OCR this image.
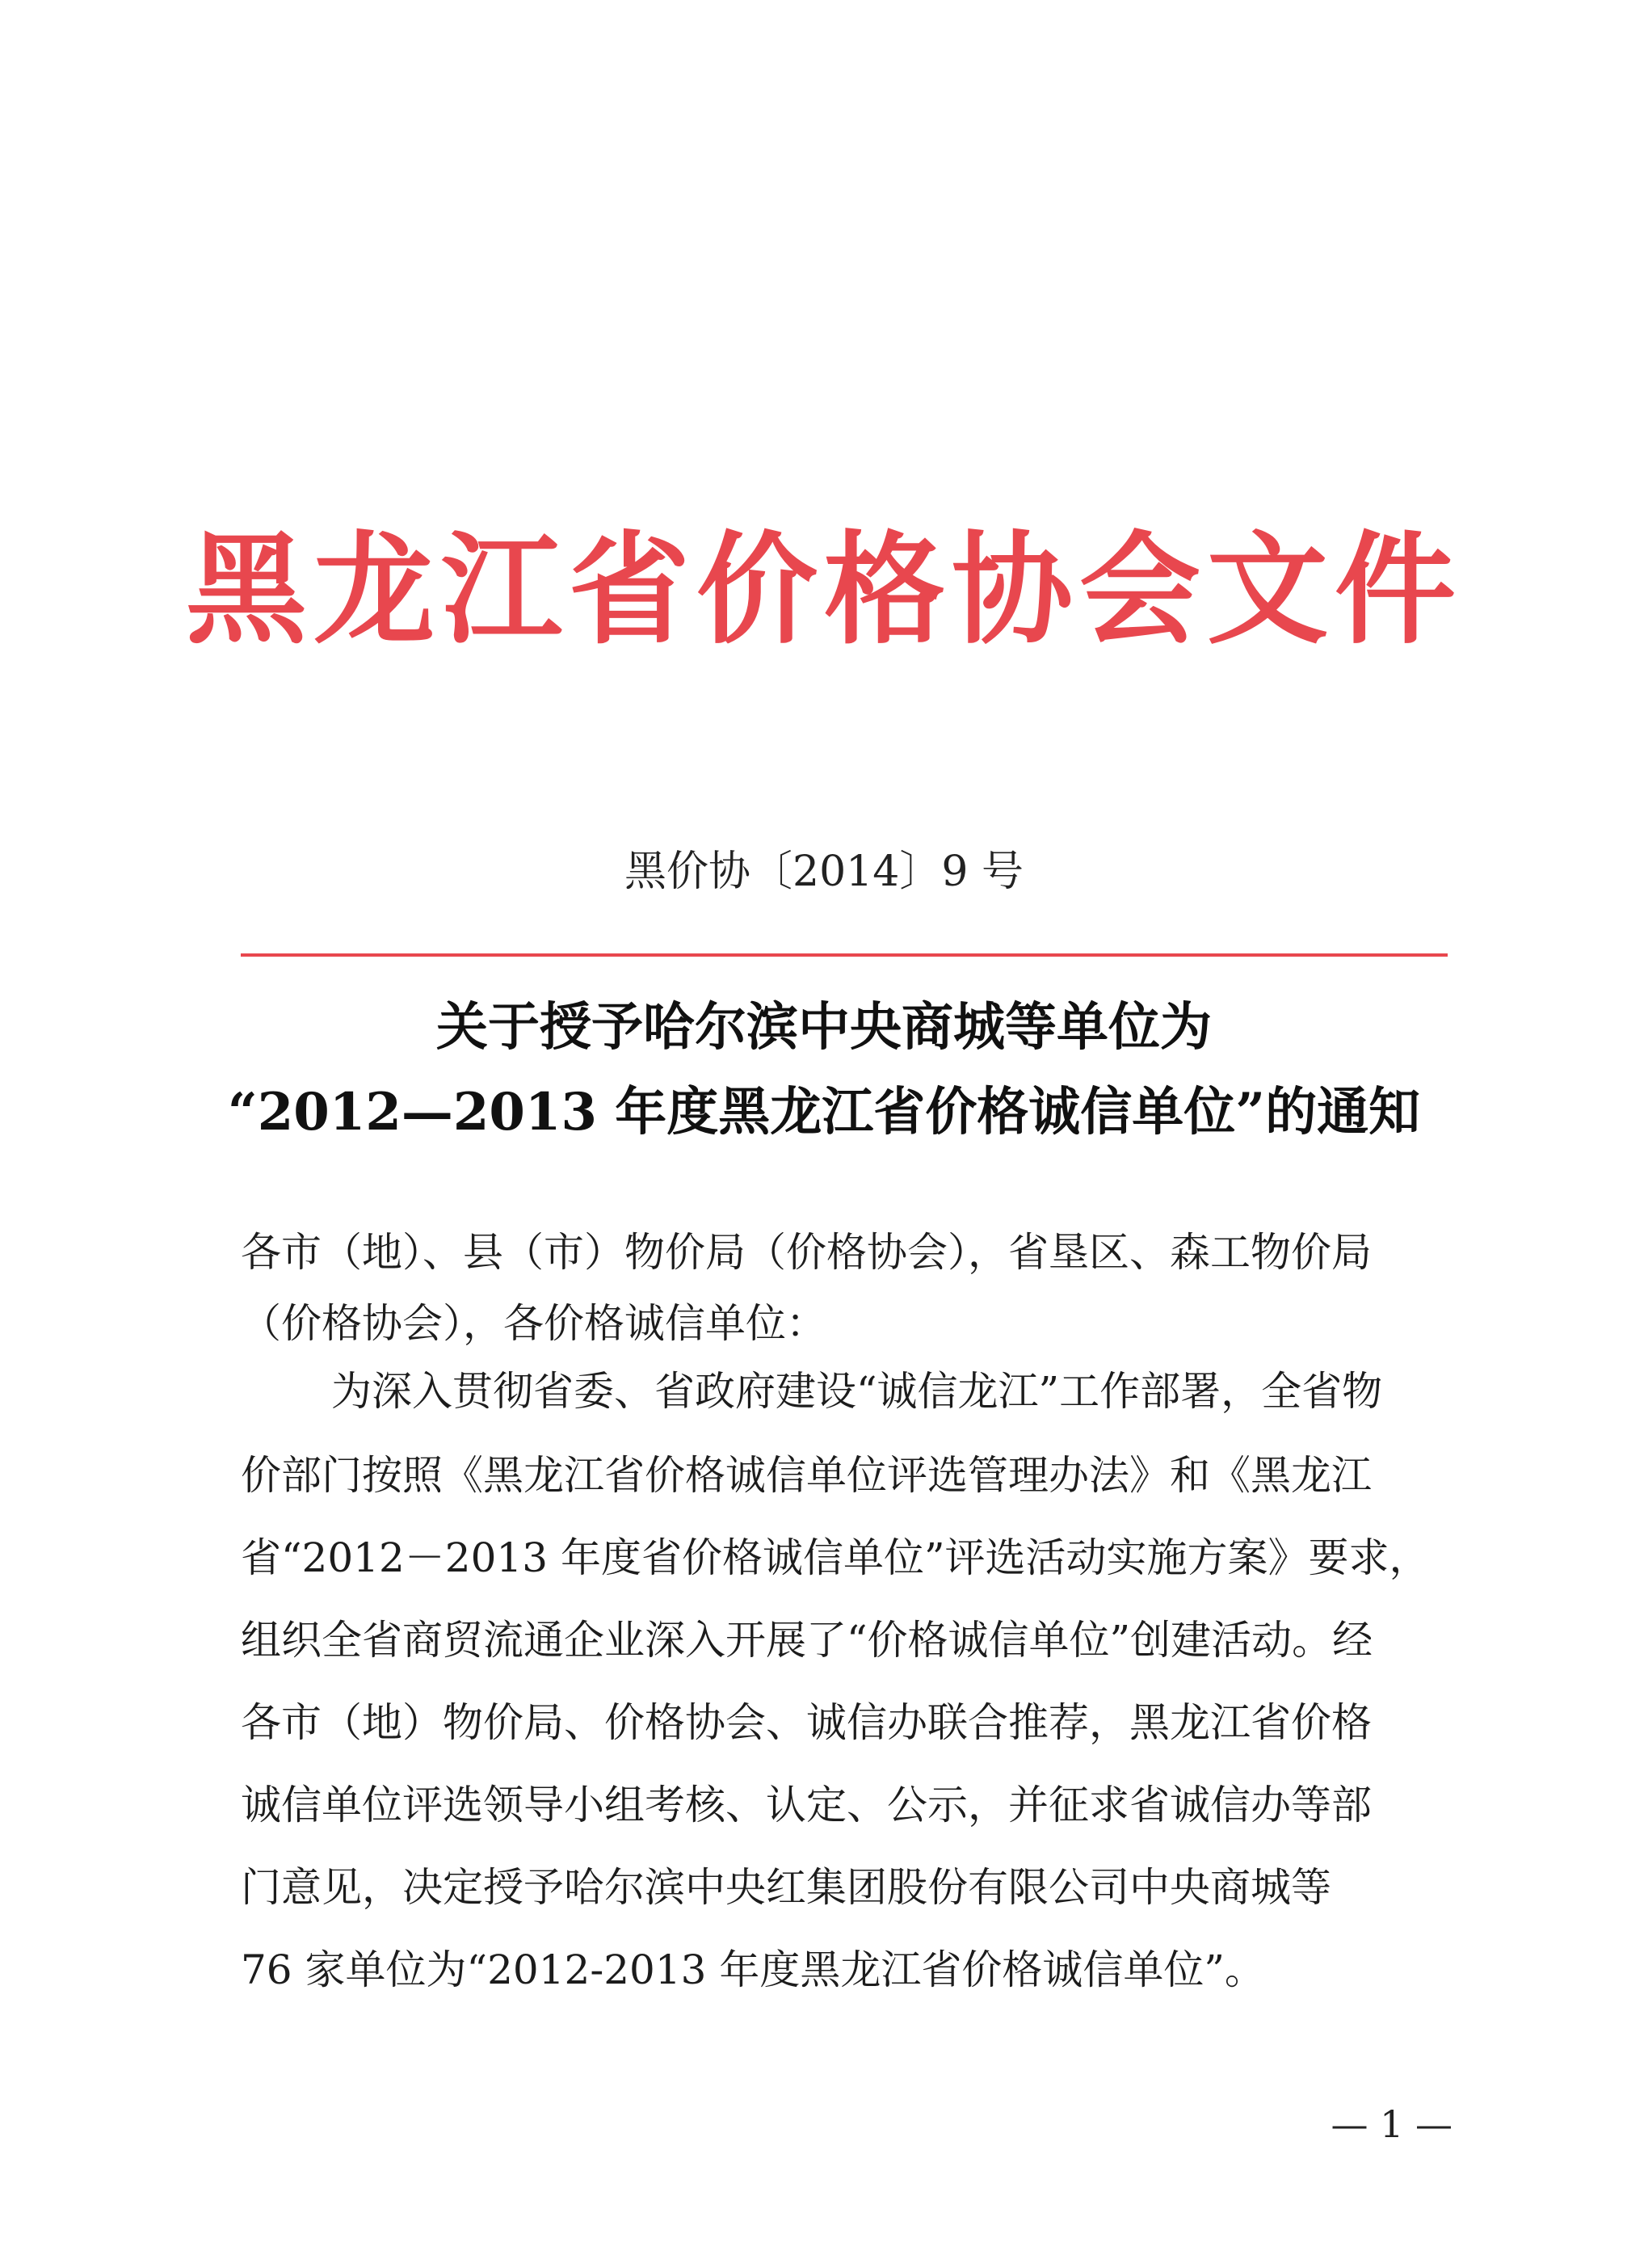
黑龙江省价格协会文件
黑价协〔2014〕9 号
关于授予哈尔滨中央商城等单位为
“2012—2013 年度黑龙江省价格诚信单位”的通知
各市（地）、县（市）物价局（价格协会），省垦区、森工物价局
（价格协会），各价格诚信单位：
为深入贯彻省委、省政府建设“诚信龙江”工作部署，全省物
价部门按照《黑龙江省价格诚信单位评选管理办法》和《黑龙江
省“2012－2013 年度省价格诚信单位”评选活动实施方案》要求，
组织全省商贸流通企业深入开展了“价格诚信单位”创建活动。经
各市（地）物价局、价格协会、诚信办联合推荐，黑龙江省价格
诚信单位评选领导小组考核、认定、公示，并征求省诚信办等部
门意见，决定授予哈尔滨中央红集团股份有限公司中央商城等
76 家单位为“2012-2013 年度黑龙江省价格诚信单位”。
— 1 —
